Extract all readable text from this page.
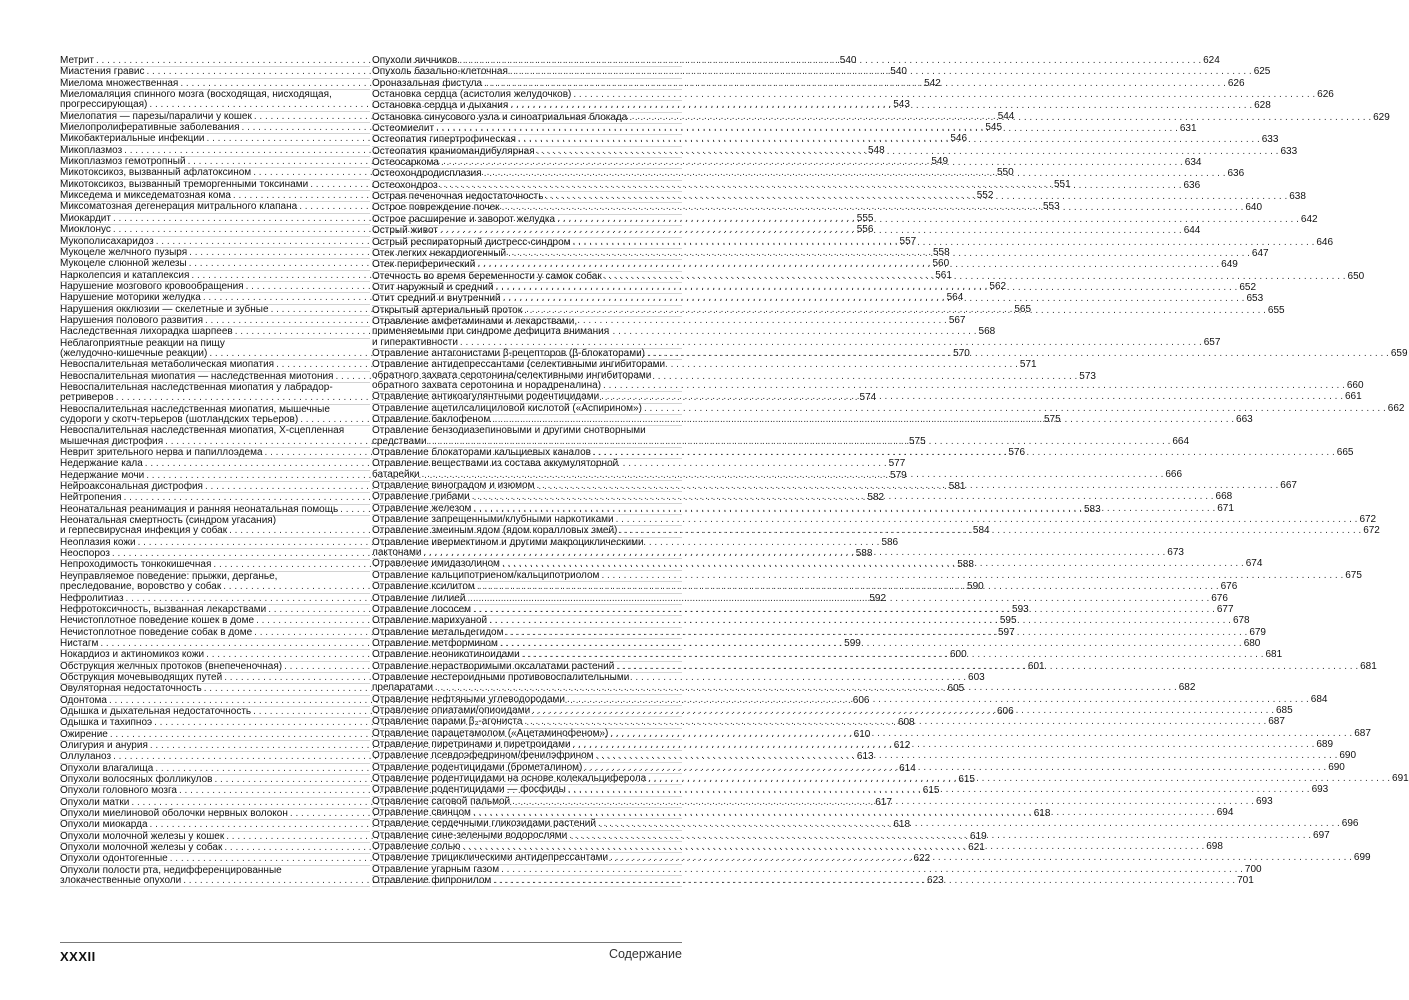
Метрит . . .	540
Миастения гравис . . .	540
Миелома множественная . . .	542
Миеломаляция спинного мозга (восходящая, нисходящая,
прогрессирующая) . . .	543
Миелопатия — парезы/параличи у кошек . . .	544
Миелопролиферативные заболевания . . .	545
Микобактериальные инфекции . . .	546
Микоплазмоз . . .	548
Микоплазмоз гемотропный . . .	549
Микотоксикоз, вызванный афлатоксином . . .	550
Микотоксикоз, вызванный треморгенными токсинами . . .	551
Микседема и микседематозная кома . . .	552
Миксоматозная дегенерация митрального клапана . . .	553
Миокардит . . .	555
Миоклонус . . .	556
Мукополисахаридоз . . .	557
Мукоцеле желчного пузыря . . .	558
Мукоцеле слюнной железы . . .	560
Нарколепсия и катаплексия . . .	561
Нарушение мозгового кровообращения . . .	562
Нарушение моторики желудка . . .	564
Нарушения окклюзии — скелетные и зубные . . .	565
Нарушения полового развития . . .	567
Наследственная лихорадка шарпеев . . .	568
Неблагоприятные реакции на пищу
(желудочно-кишечные реакции) . . .	570
Невоспалительная метаболическая миопатия . . .	571
Невоспалительная миопатия — наследственная миотония . . .	573
Невоспалительная наследственная миопатия у лабрадор-
ретриверов . . .	574
Невоспалительная наследственная миопатия, мышечные
судороги у скотч-терьеров (шотландских терьеров) . . .	575
Невоспалительная наследственная миопатия, Х-сцепленная
мышечная дистрофия . . .	575
Неврит зрительного нерва и папиллоэдема . . .	576
Недержание кала . . .	577
Недержание мочи . . .	579
Нейроаксональная дистрофия . . .	581
Нейтропения . . .	582
Неонатальная реанимация и ранняя неонатальная помощь . . .	583
Неонатальная смертность (синдром угасания)
и герпесвирусная инфекция у собак . . .	584
Неоплазия кожи . . .	586
Неоспороз . . .	588
Непроходимость тонкокишечная . . .	588
Неуправляемое поведение: прыжки, дерганье,
преследование, воровство у собак . . .	590
Нефролитиаз . . .	592
Нефротоксичность, вызванная лекарствами . . .	593
Нечистоплотное поведение кошек в доме . . .	595
Нечистоплотное поведение собак в доме . . .	597
Нистагм . . .	599
Нокардиоз и актиномикоз кожи . . .	600
Обструкция желчных протоков (внепеченочная) . . .	601
Обструкция мочевыводящих путей . . .	603
Овуляторная недостаточность . . .	605
Одонтома . . .	606
Одышка и дыхательная недостаточность . . .	606
Одышка и тахипноэ . . .	608
Ожирение . . .	610
Олигурия и анурия . . .	612
Оллуланоз . . .	613
Опухоли влагалища . . .	614
Опухоли волосяных фолликулов . . .	615
Опухоли головного мозга . . .	615
Опухоли матки . . .	617
Опухоли миелиновой оболочки нервных волокон . . .	618
Опухоли миокарда . . .	618
Опухоли молочной железы у кошек . . .	619
Опухоли молочной железы у собак . . .	621
Опухоли одонтогенные . . .	622
Опухоли полости рта, недифференцированные
злокачественные опухоли . . .	623
Опухоли яичников . . .	624
Опухоль базально-клеточная . . .	625
Ороназальная фистула . . .	626
Остановка сердца (асистолия желудочков) . . .	626
Остановка сердца и дыхания . . .	628
Остановка синусового узла и синоатриальная блокада . . .	629
Остеомиелит . . .	631
Остеопатия гипертрофическая . . .	633
Остеопатия краниомандибулярная . . .	633
Остеосаркома . . .	634
Остеохондродисплазия . . .	636
Остеохондроз . . .	636
Острая печеночная недостаточность . . .	638
Острое повреждение почек . . .	640
Острое расширение и заворот желудка . . .	642
Острый живот . . .	644
Острый респираторный дистресс-синдром . . .	646
Отек легких некардиогенный . . .	647
Отек периферический . . .	649
Отечность во время беременности у самок собак . . .	650
Отит наружный и средний . . .	652
Отит средний и внутренний . . .	653
Открытый артериальный проток . . .	655
Отравление амфетаминами и лекарствами,
применяемыми при синдроме дефицита внимания
и гиперактивности . . .	657
Отравление антагонистами β-рецепторов (β-блокаторами) . . .	659
Отравление антидепрессантами (селективными ингибиторами
обратного захвата серотонина/селективными ингибиторами
обратного захвата серотонина и норадреналина) . . .	660
Отравление антикоагулянтными родентицидами . . .	661
Отравление ацетилсалициловой кислотой («Аспирином») . . .	662
Отравление баклофеном . . .	663
Отравление бензодиазепиновыми и другими снотворными
средствами . . .	664
Отравление блокаторами кальциевых каналов . . .	665
Отравление веществами из состава аккумуляторной
батарейки . . .	666
Отравление виноградом и изюмом . . .	667
Отравление грибами . . .	668
Отравление железом . . .	671
Отравление запрещенными/клубными наркотиками . . .	672
Отравление змеиным ядом (ядом коралловых змей) . . .	672
Отравление ивермектином и другими макроциклическими
лактонами . . .	673
Отравление имидазолином . . .	674
Отравление кальципотриеном/кальципотриолом . . .	675
Отравление ксилитом . . .	676
Отравление лилией . . .	676
Отравление лососем . . .	677
Отравление марихуаной . . .	678
Отравление метальдегидом . . .	679
Отравление метформином . . .	680
Отравление неоникотиноидами . . .	681
Отравление нерастворимыми оксалатами растений . . .	681
Отравление нестероидными противовоспалительными
препаратами . . .	682
Отравление нефтяными углеводородами . . .	684
Отравление опиатами/опиоидами . . .	685
Отравление парами β₂-агониста . . .	687
Отравление парацетамолом («Ацетаминофеном») . . .	687
Отравление пиретринами и пиретроидами . . .	689
Отравление псевдоэфедрином/фенилэфрином . . .	690
Отравление родентицидами (брометалином) . . .	690
Отравление родентицидами на основе колекальциферола . . .	691
Отравление родентицидами — фосфиды . . .	693
Отравление саговой пальмой . . .	693
Отравление свинцом . . .	694
Отравление сердечными гликозидами растений . . .	696
Отравление сине-зелеными водорослями . . .	697
Отравление солью . . .	698
Отравление трициклическими антидепрессантами . . .	699
Отравление угарным газом . . .	700
Отравление фипронилом . . .	701
XXXII	Содержание
